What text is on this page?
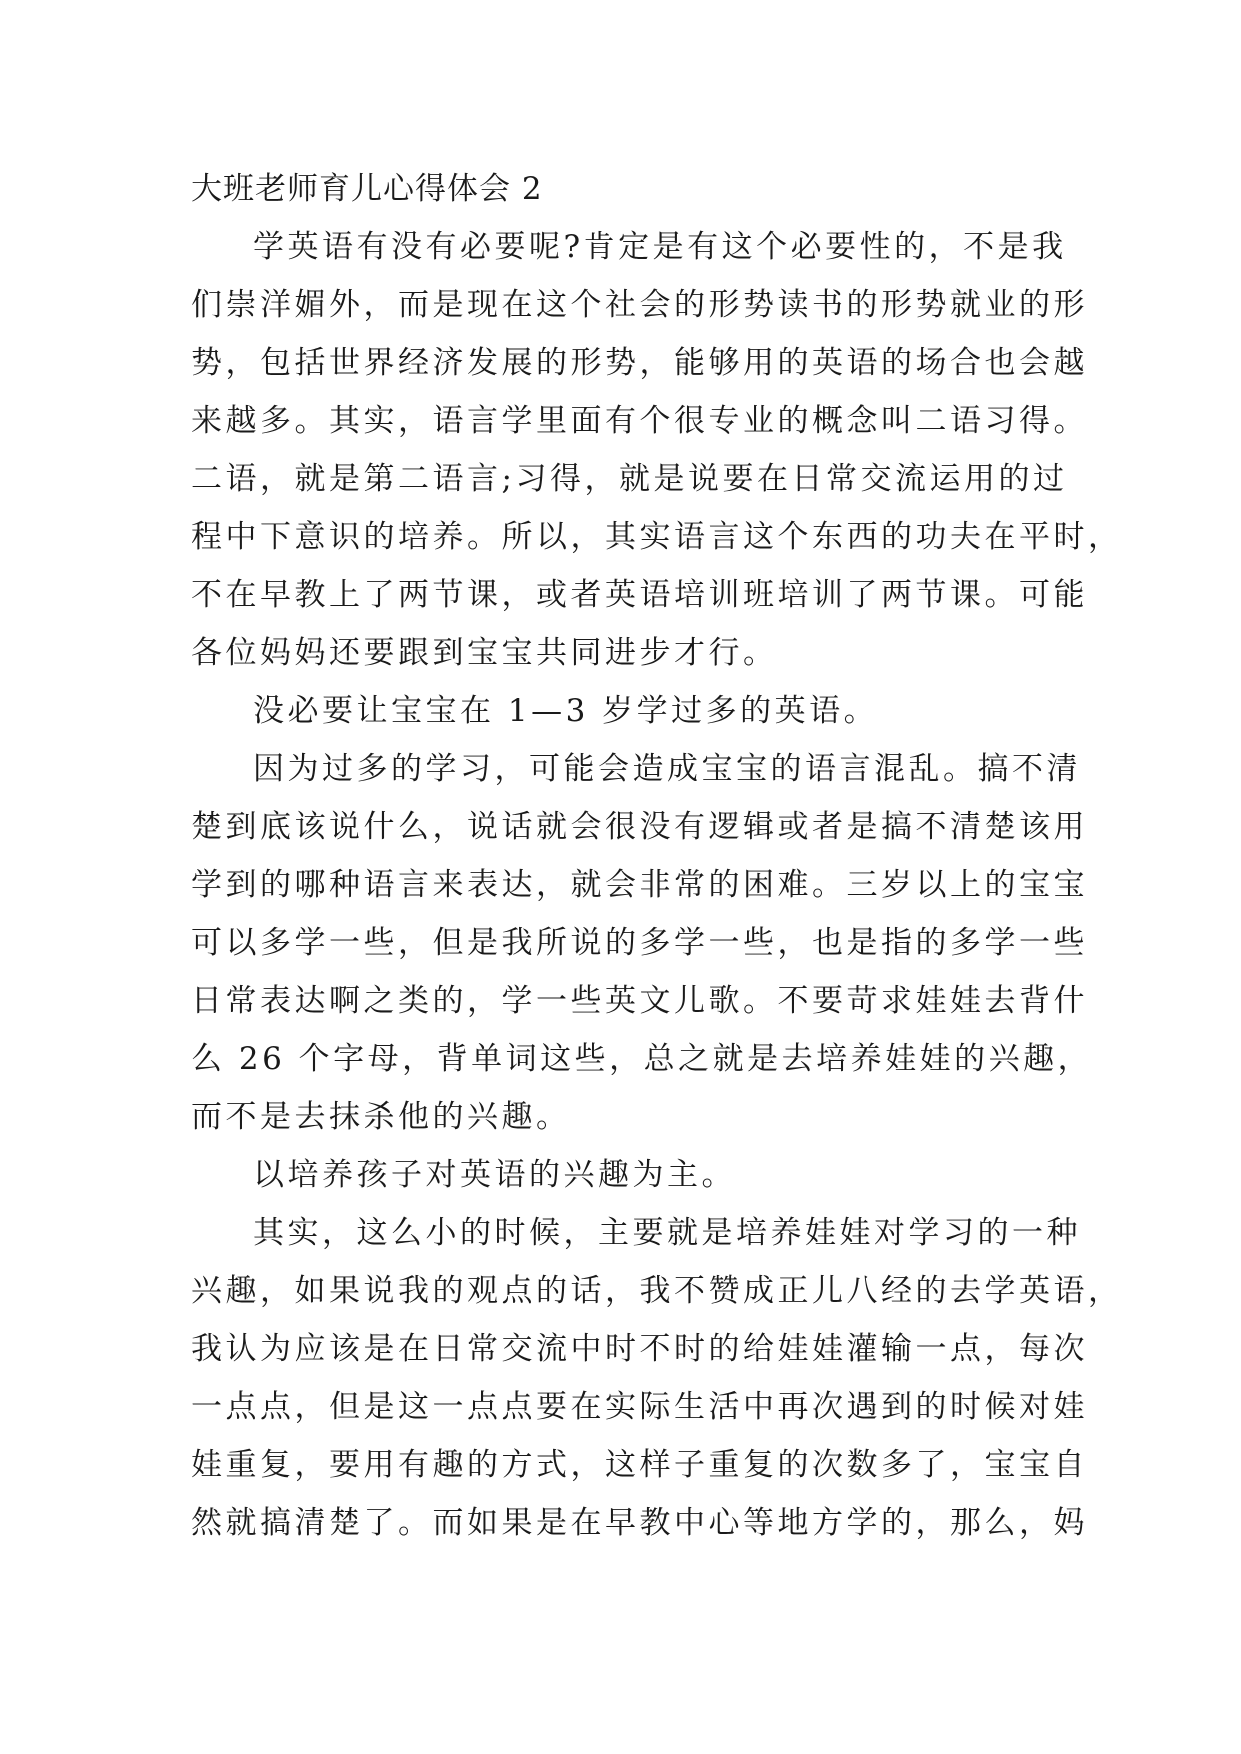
大班老师育儿心得体会 2

学英语有没有必要呢?肯定是有这个必要性的，不是我
们崇洋媚外，而是现在这个社会的形势读书的形势就业的形
势，包括世界经济发展的形势，能够用的英语的场合也会越
来越多。其实，语言学里面有个很专业的概念叫二语习得。
二语，就是第二语言;习得，就是说要在日常交流运用的过
程中下意识的培养。所以，其实语言这个东西的功夫在平时，
不在早教上了两节课，或者英语培训班培训了两节课。可能
各位妈妈还要跟到宝宝共同进步才行。

没必要让宝宝在 1—3 岁学过多的英语。

因为过多的学习，可能会造成宝宝的语言混乱。搞不清
楚到底该说什么，说话就会很没有逻辑或者是搞不清楚该用
学到的哪种语言来表达，就会非常的困难。三岁以上的宝宝
可以多学一些，但是我所说的多学一些，也是指的多学一些
日常表达啊之类的，学一些英文儿歌。不要苛求娃娃去背什
么 26 个字母，背单词这些，总之就是去培养娃娃的兴趣，
而不是去抹杀他的兴趣。

以培养孩子对英语的兴趣为主。

其实，这么小的时候，主要就是培养娃娃对学习的一种
兴趣，如果说我的观点的话，我不赞成正儿八经的去学英语，
我认为应该是在日常交流中时不时的给娃娃灌输一点，每次
一点点，但是这一点点要在实际生活中再次遇到的时候对娃
娃重复，要用有趣的方式，这样子重复的次数多了，宝宝自
然就搞清楚了。而如果是在早教中心等地方学的，那么，妈
